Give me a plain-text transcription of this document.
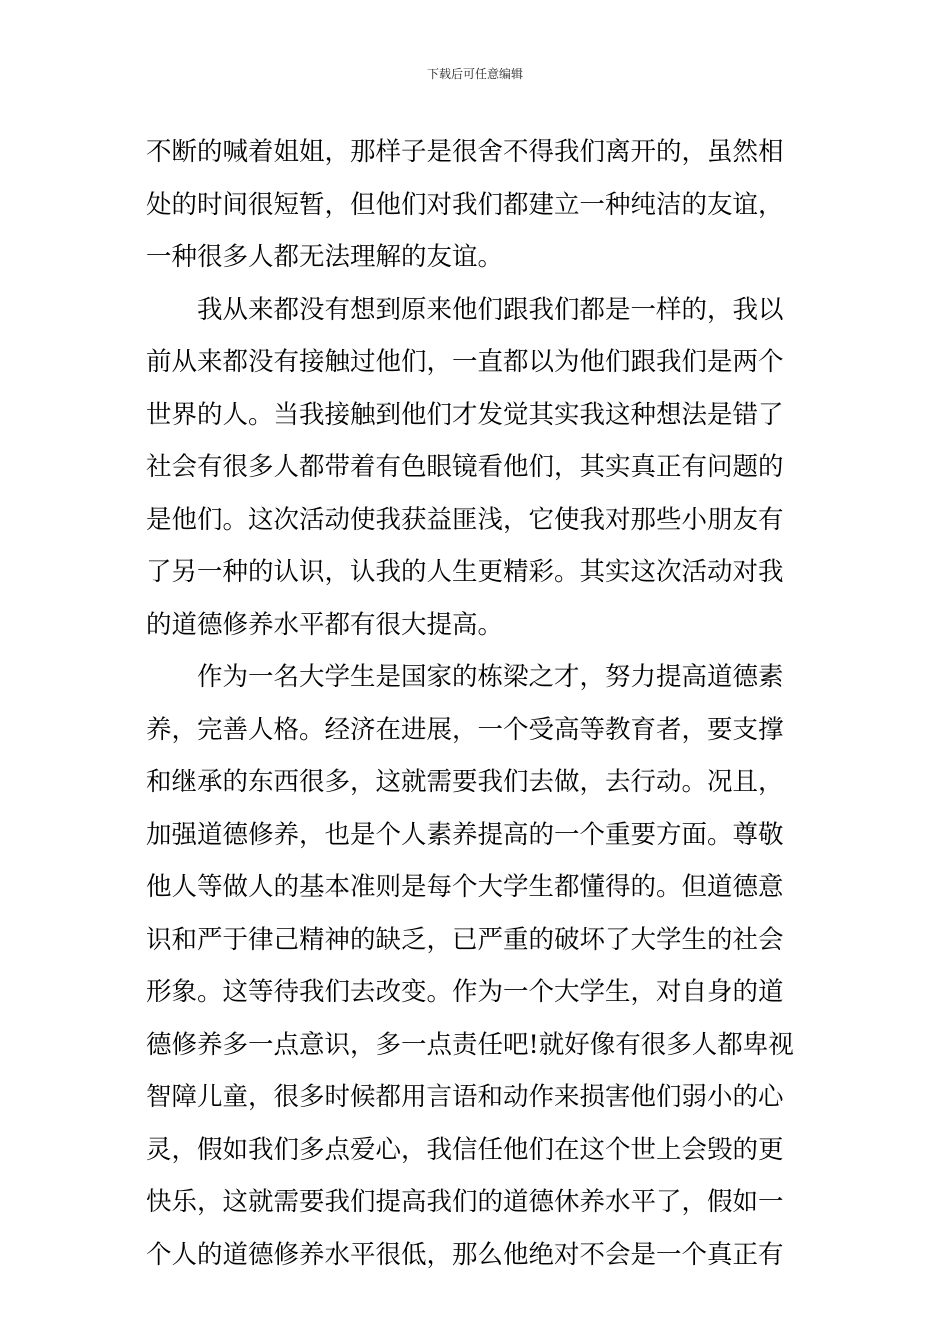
下载后可任意编辑
不断的喊着姐姐，那样子是很舍不得我们离开的，虽然相
处的时间很短暂，但他们对我们都建立一种纯洁的友谊，
一种很多人都无法理解的友谊。
我从来都没有想到原来他们跟我们都是一样的，我以
前从来都没有接触过他们，一直都以为他们跟我们是两个
世界的人。当我接触到他们才发觉其实我这种想法是错了
社会有很多人都带着有色眼镜看他们，其实真正有问题的
是他们。这次活动使我获益匪浅，它使我对那些小朋友有
了另一种的认识，认我的人生更精彩。其实这次活动对我
的道德修养水平都有很大提高。
作为一名大学生是国家的栋梁之才，努力提高道德素
养，完善人格。经济在进展，一个受高等教育者，要支撑
和继承的东西很多，这就需要我们去做，去行动。况且，
加强道德修养，也是个人素养提高的一个重要方面。尊敬
他人等做人的基本准则是每个大学生都懂得的。但道德意
识和严于律己精神的缺乏，已严重的破坏了大学生的社会
形象。这等待我们去改变。作为一个大学生，对自身的道
德修养多一点意识，多一点责任吧!就好像有很多人都卑视
智障儿童，很多时候都用言语和动作来损害他们弱小的心
灵，假如我们多点爱心，我信任他们在这个世上会毁的更
快乐，这就需要我们提高我们的道德休养水平了，假如一
个人的道德修养水平很低，那么他绝对不会是一个真正有
